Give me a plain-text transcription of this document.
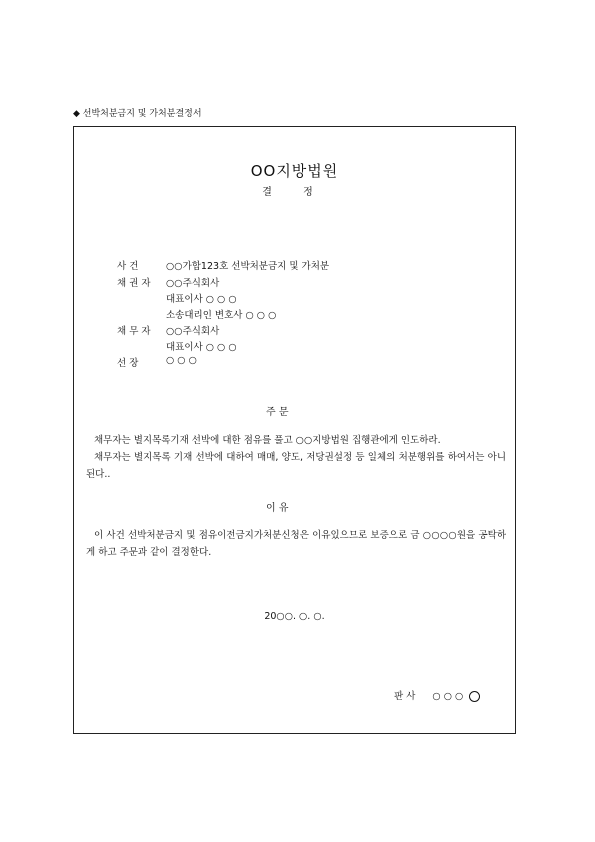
◆ 선박처분금지 및 가처분결정서
OO지방법원
결 정
사 건	○○가합123호 선박처분금지 및 가처분
채 권 자 ○○주식회사
대표이사 ○ ○ ○
소송대리인 변호사 ○ ○ ○
채 무 자 ○○주식회사
대표이사 ○ ○ ○
선 장	○ ○ ○
주 문
채무자는 별지목록기재 선박에 대한 점유를 풀고 ○○지방법원 집행관에게 인도하라.
채무자는 별지목록 기재 선박에 대하여 매매, 양도, 저당권설정 등 일체의 처분행위를 하여서는 아니된다..
이 유
이 사건 선박처분금지 및 점유이전금지가처분신청은 이유있으므로 보증으로 금 ○○○○원을 공탁하게 하고 주문과 같이 결정한다.
20○○. ○. ○.
판 사 ○ ○ ○
